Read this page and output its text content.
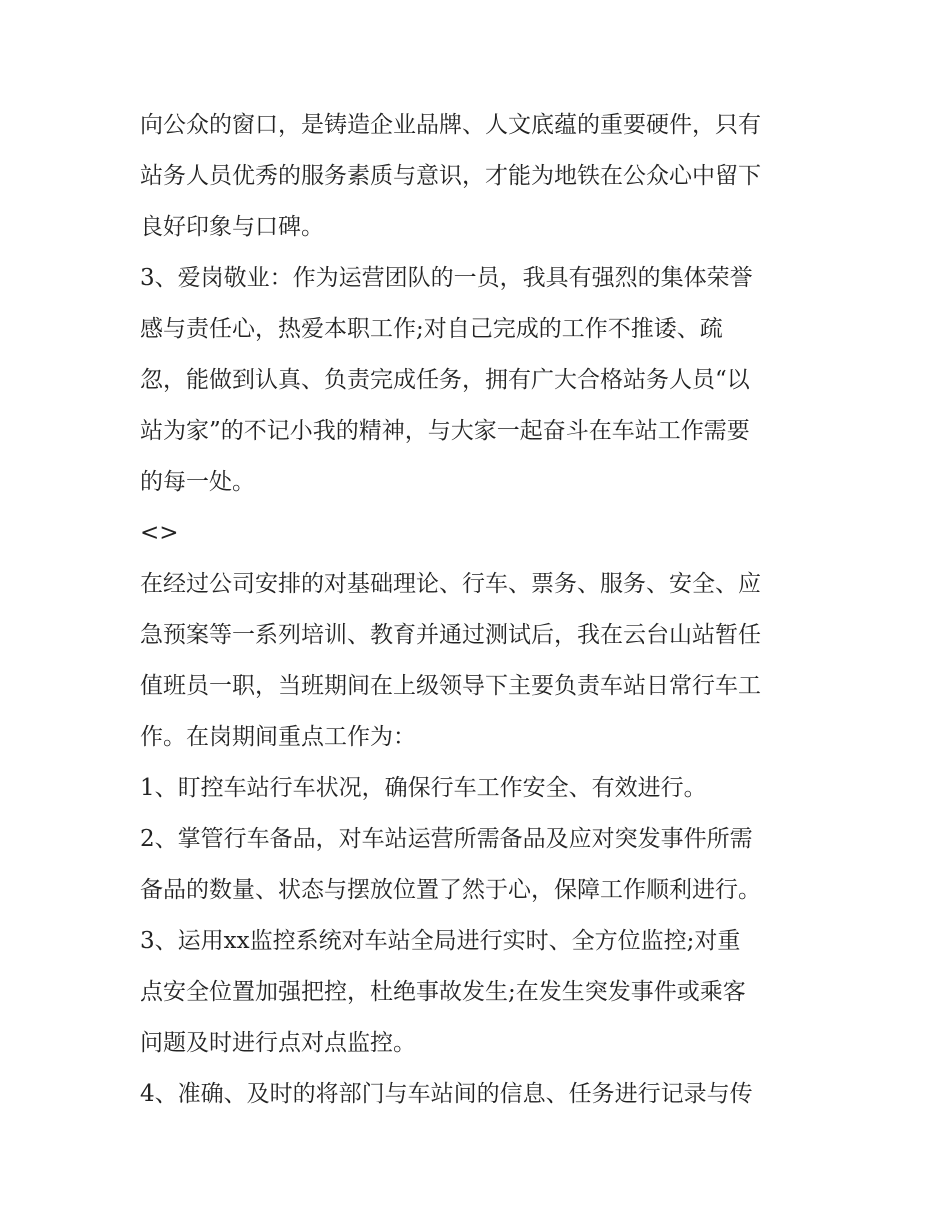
向公众的窗口，是铸造企业品牌、人文底蕴的重要硬件，只有
站务人员优秀的服务素质与意识，才能为地铁在公众心中留下
良好印象与口碑。
3、爱岗敬业：作为运营团队的一员，我具有强烈的集体荣誉
感与责任心，热爱本职工作;对自己完成的工作不推诿、疏
忽，能做到认真、负责完成任务，拥有广大合格站务人员“以
站为家”的不记小我的精神，与大家一起奋斗在车站工作需要
的每一处。
<>
在经过公司安排的对基础理论、行车、票务、服务、安全、应
急预案等一系列培训、教育并通过测试后，我在云台山站暂任
值班员一职，当班期间在上级领导下主要负责车站日常行车工
作。在岗期间重点工作为：
1、盯控车站行车状况，确保行车工作安全、有效进行。
2、掌管行车备品，对车站运营所需备品及应对突发事件所需
备品的数量、状态与摆放位置了然于心，保障工作顺利进行。
3、运用xx监控系统对车站全局进行实时、全方位监控;对重
点安全位置加强把控，杜绝事故发生;在发生突发事件或乘客
问题及时进行点对点监控。
4、准确、及时的将部门与车站间的信息、任务进行记录与传
